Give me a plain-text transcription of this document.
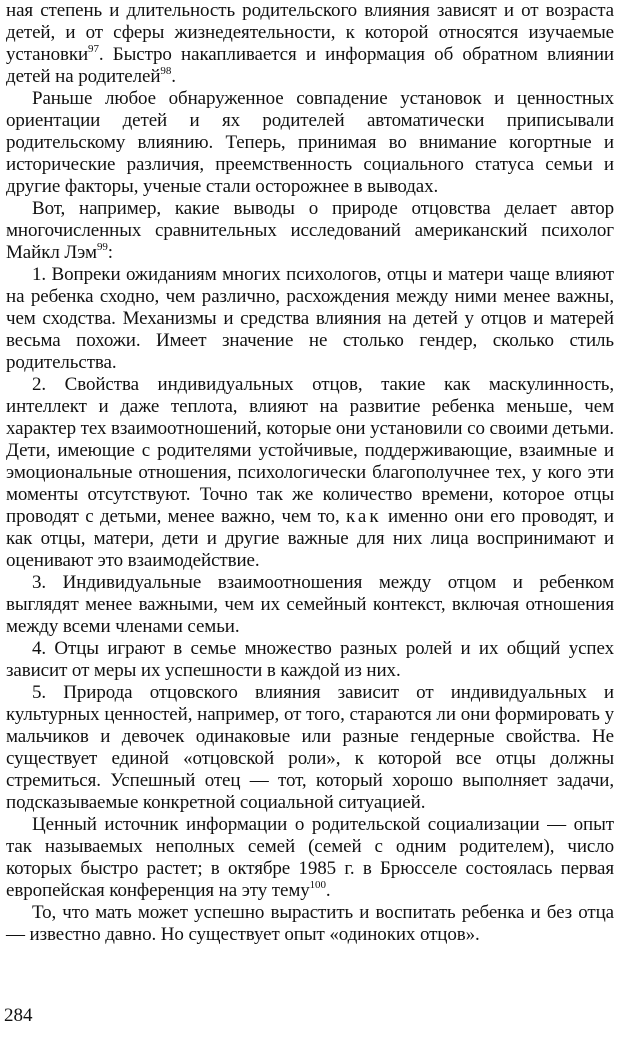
ная степень и длительность родительского влияния зависят и от возраста детей, и от сферы жизнедеятельности, к которой относятся изучаемые установки$^{97}$. Быстро накапливается и информация об обратном влиянии детей на родителей$^{98}$.

Раньше любое обнаруженное совпадение установок и ценностных ориентации детей и ях родителей автоматически приписывали родительскому влиянию. Теперь, принимая во внимание когортные и исторические различия, преемственность социального статуса семьи и другие факторы, ученые стали осторожнее в выводах.

Вот, например, какие выводы о природе отцовства делает автор многочисленных сравнительных исследований американский психолог Майкл Лэм$^{99}$:

1. Вопреки ожиданиям многих психологов, отцы и матери чаще влияют на ребенка сходно, чем различно, расхождения между ними менее важны, чем сходства. Механизмы и средства влияния на детей у отцов и матерей весьма похожи. Имеет значение не столько гендер, сколько стиль родительства.

2. Свойства индивидуальных отцов, такие как маскулинность, интеллект и даже теплота, влияют на развитие ребенка меньше, чем характер тех взаимоотношений, которые они установили со своими детьми. Дети, имеющие с родителями устойчивые, поддерживающие, взаимные и эмоциональные отношения, психологически благополучнее тех, у кого эти моменты отсутствуют. Точно так же количество времени, которое отцы проводят с детьми, менее важно, чем то, как именно они его проводят, и как отцы, матери, дети и другие важные для них лица воспринимают и оценивают это взаимодействие.

3. Индивидуальные взаимоотношения между отцом и ребенком выглядят менее важными, чем их семейный контекст, включая отношения между всеми членами семьи.

4. Отцы играют в семье множество разных ролей и их общий успех зависит от меры их успешности в каждой из них.

5. Природа отцовского влияния зависит от индивидуальных и культурных ценностей, например, от того, стараются ли они формировать у мальчиков и девочек одинаковые или разные гендерные свойства. Не существует единой «отцовской роли», к которой все отцы должны стремиться. Успешный отец — тот, который хорошо выполняет задачи, подсказываемые конкретной социальной ситуацией.

Ценный источник информации о родительской социализации — опыт так называемых неполных семей (семей с одним родителем), число которых быстро растет; в октябре 1985 г. в Брюсселе состоялась первая европейская конференция на эту тему$^{100}$.

То, что мать может успешно вырастить и воспитать ребенка и без отца — известно давно. Но существует опыт «одиноких отцов».

284
